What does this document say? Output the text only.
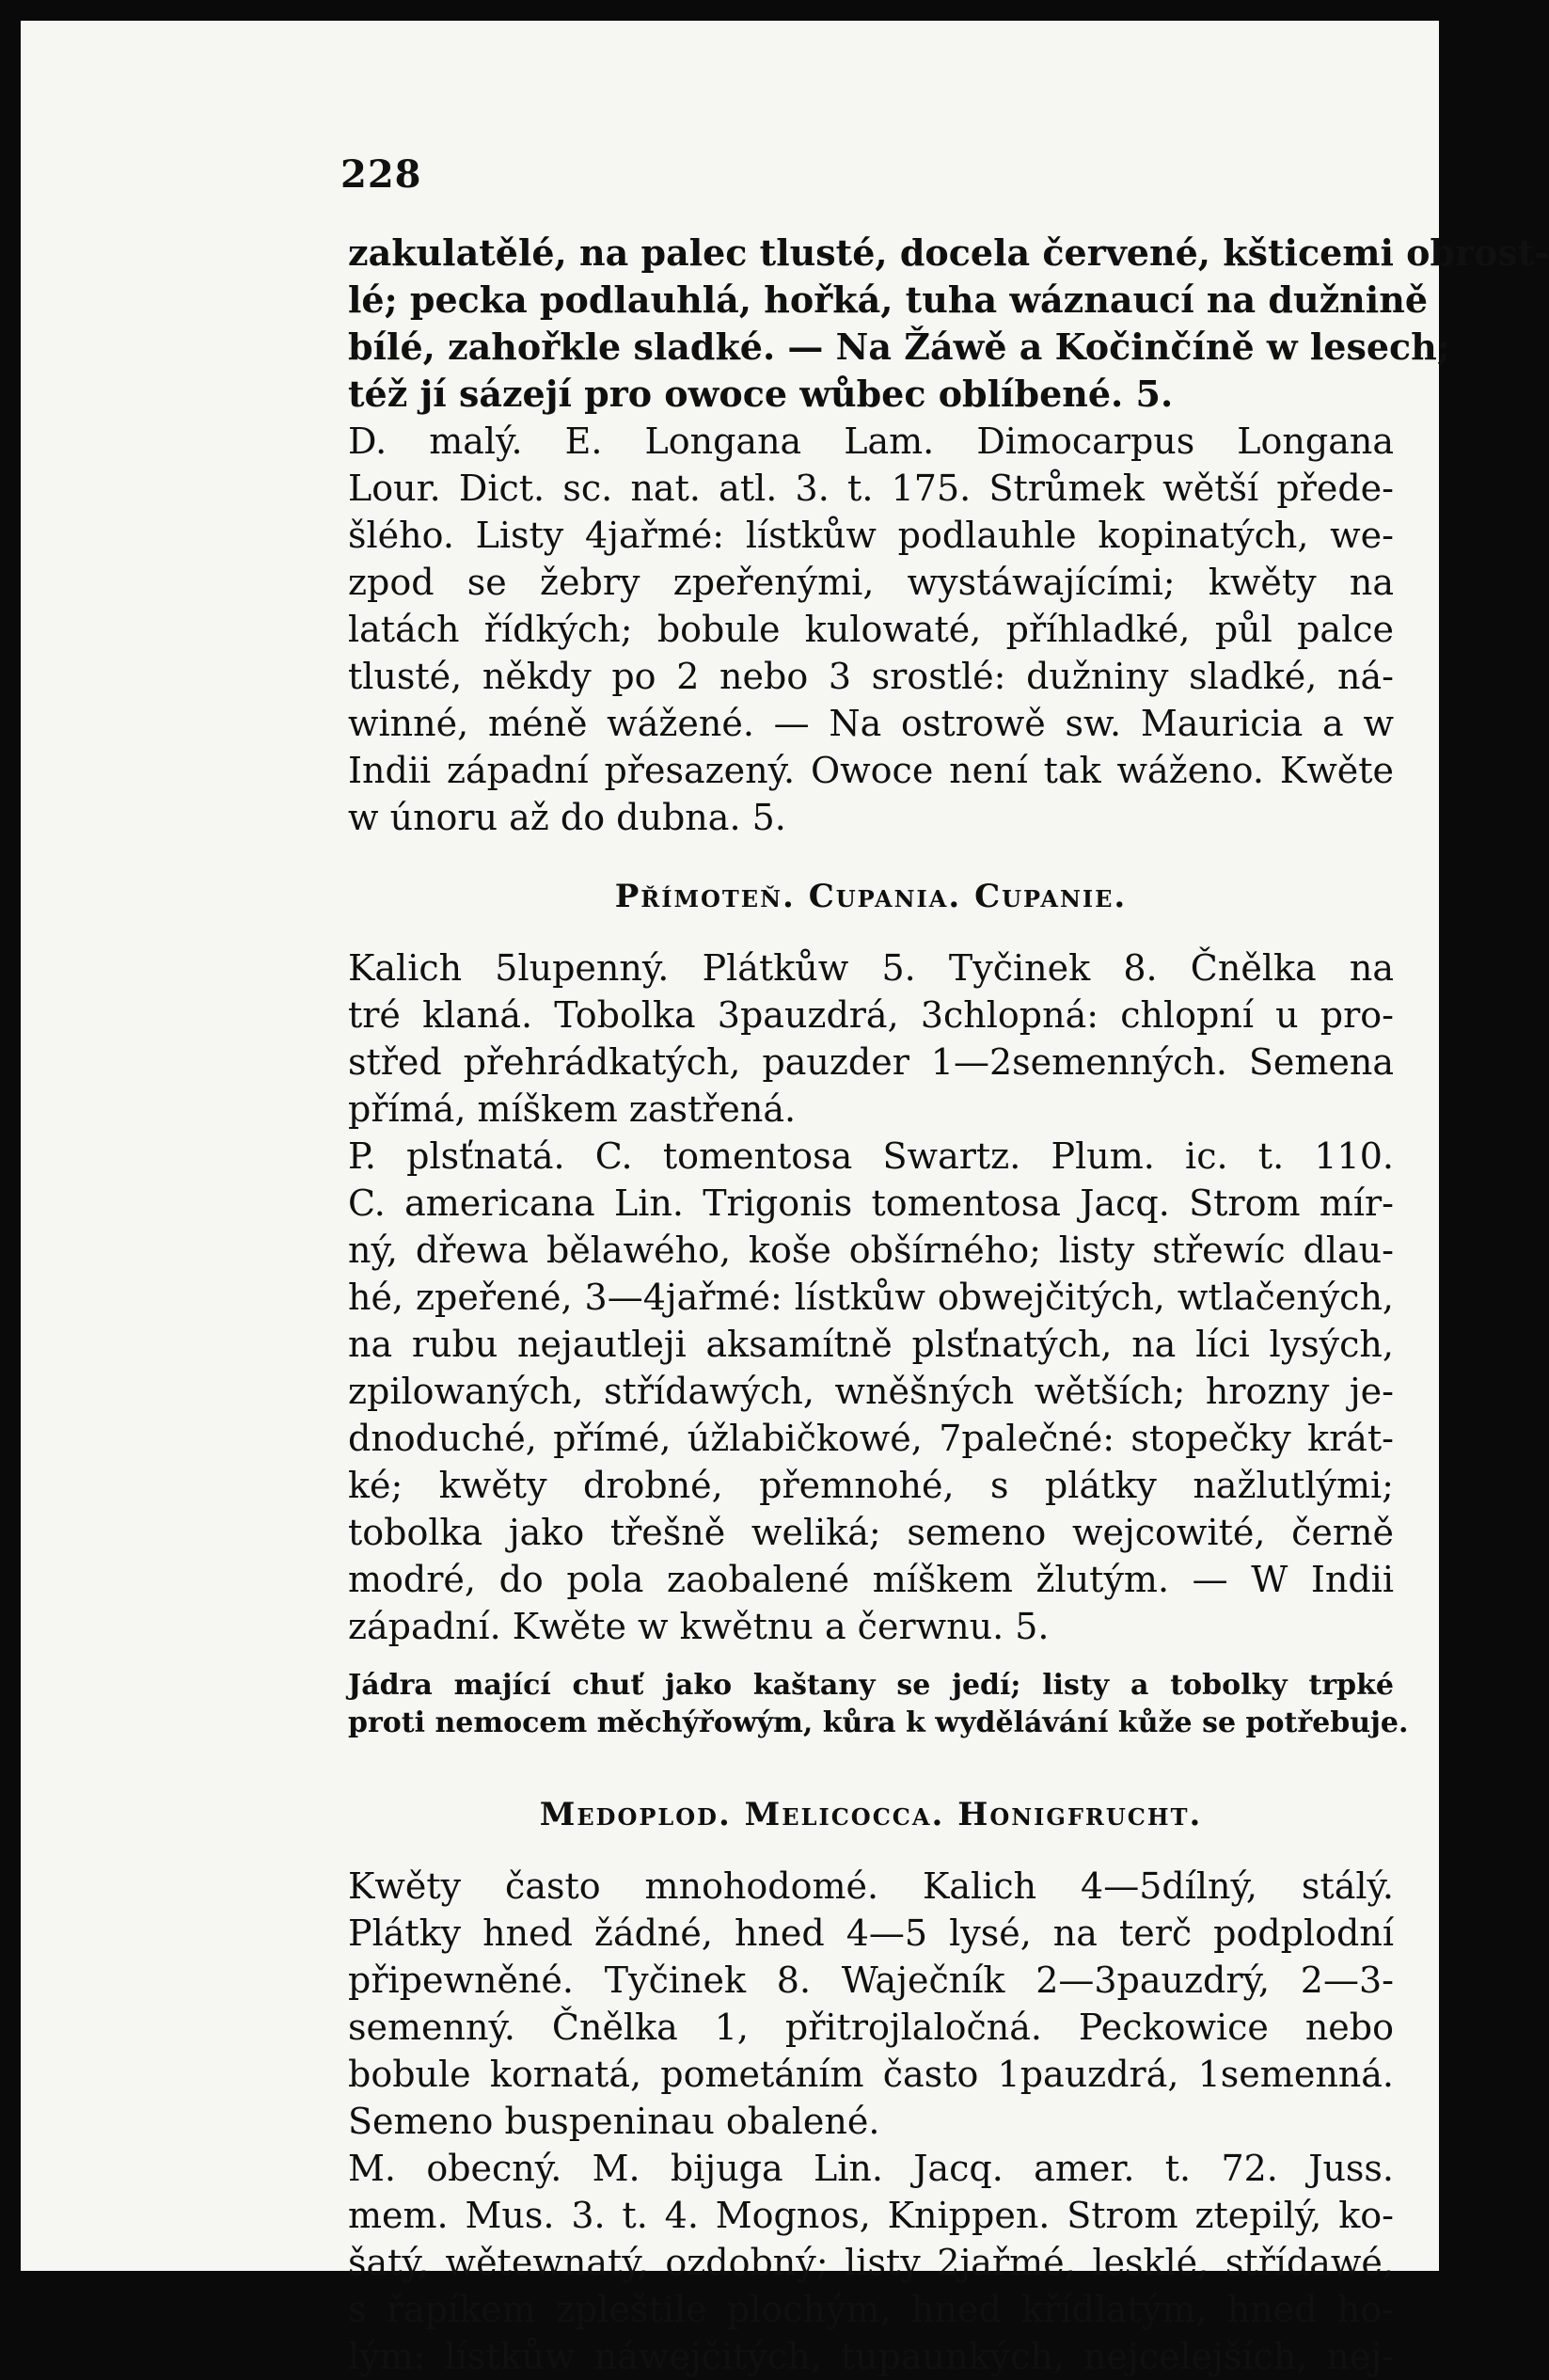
228
zakulatělé, na palec tlusté, docela červené, kšticemi obrost-
lé; pecka podlauhlá, hořká, tuha wáznaucí na dužnině
bílé, zahořkle sladké. — Na Žáwě a Kočinčíně w lesech;
též jí sázejí pro owoce wůbec oblíbené. 5.
D. malý. E. Longana Lam. Dimocarpus Longana
Lour. Dict. sc. nat. atl. 3. t. 175. Strůmek wětší přede-
šlého. Listy 4jařmé: lístkůw podlauhle kopinatých, we-
zpod se žebry zpeřenými, wystáwajícími; kwěty na
latách řídkých; bobule kulowaté, příhladké, půl palce
tlusté, někdy po 2 nebo 3 srostlé: dužniny sladké, ná-
winné, méně wážené. — Na ostrowě sw. Mauricia a w
Indii západní přesazený. Owoce není tak wáženo. Kwěte
w únoru až do dubna. 5.
Přímoteň. Cupania. Cupanie.
Kalich 5lupenný. Plátkůw 5. Tyčinek 8. Čnělka na
tré klaná. Tobolka 3pauzdrá, 3chlopná: chlopní u pro-
střed přehrádkatých, pauzder 1—2semenných. Semena
přímá, míškem zastřená.
P. plsťnatá. C. tomentosa Swartz. Plum. ic. t. 110.
C. americana Lin. Trigonis tomentosa Jacq. Strom mír-
ný, dřewa bělawého, koše obšírného; listy střewíc dlau-
hé, zpeřené, 3—4jařmé: lístkůw obwejčitých, wtlačených,
na rubu nejautleji aksamítně plsťnatých, na líci lysých,
zpilowaných, střídawých, wněšných wětších; hrozny je-
dnoduché, přímé, úžlabičkowé, 7palečné: stopečky krát-
ké; kwěty drobné, přemnohé, s plátky nažlutlými;
tobolka jako třešně weliká; semeno wejcowité, černě
modré, do pola zaobalené míškem žlutým. — W Indii
západní. Kwěte w kwětnu a čerwnu. 5.
Jádra mající chuť jako kaštany se jedí; listy a tobolky trpké
proti nemocem měchýřowým, kůra k wydělávání kůže se potřebuje.
Medoplod. Melicocca. Honigfrucht.
Kwěty často mnohodomé. Kalich 4—5dílný, stálý.
Plátky hned žádné, hned 4—5 lysé, na terč podplodní
připewněné. Tyčinek 8. Waječník 2—3pauzdrý, 2—3-
semenný. Čnělka 1, přitrojlaločná. Peckowice nebo
bobule kornatá, pometáním často 1pauzdrá, 1semenná.
Semeno buspeninau obalené.
M. obecný. M. bijuga Lin. Jacq. amer. t. 72. Juss.
mem. Mus. 3. t. 4. Mognos, Knippen. Strom ztepilý, ko-
šatý, wětewnatý, ozdobný; listy 2jařmé, lesklé, střídawé,
s řapíkem zpleštile plochým, hned křídlatým, hned ho-
lým: lístkůw náwejčitých, tupaunkých, nejcelejších, nej-
